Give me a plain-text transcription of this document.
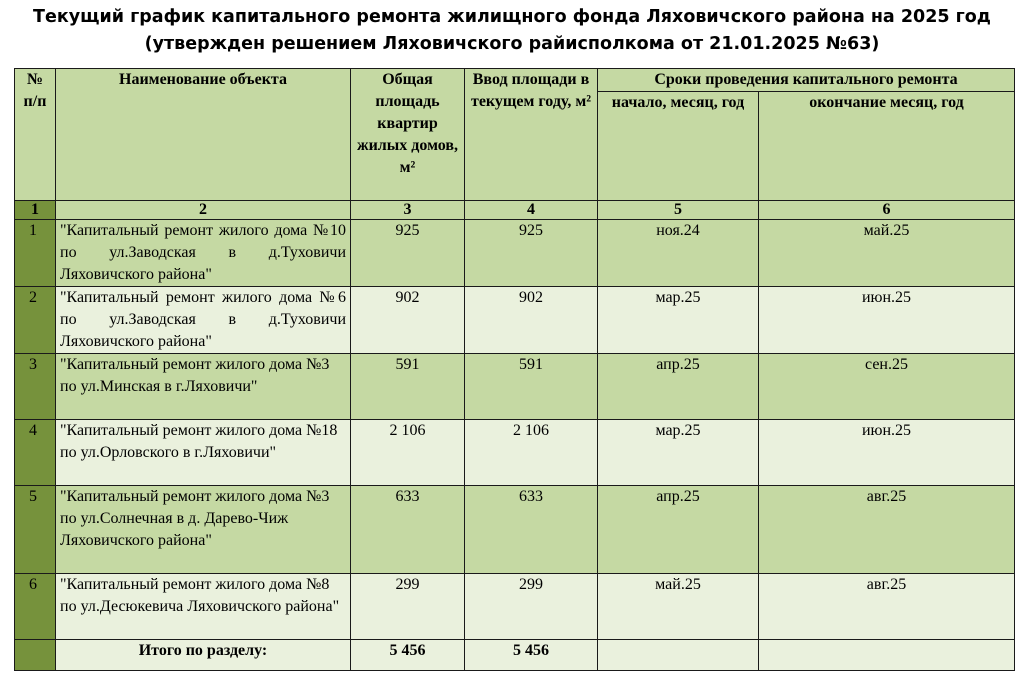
Текущий график капитального ремонта жилищного фонда Ляховичского района на 2025 год
(утвержден решением Ляховичского райисполкома от 21.01.2025 №63)
№ п/п	Наименование объекта	Общая площадь квартир жилых домов, м²	Ввод площади в текущем году, м²	Сроки проведения капитального ремонта	
				начало, месяц, год	окончание месяц, год
1	2	3	4	5	6
1	"Капитальный ремонт жилого дома №10 по ул.Заводская в д.Туховичи Ляховичского района"	925	925	ноя.24	май.25
2	"Капитальный ремонт жилого дома №6 по ул.Заводская в д.Туховичи Ляховичского района"	902	902	мар.25	июн.25
3	"Капитальный ремонт жилого дома №3 по ул.Минская в г.Ляховичи"	591	591	апр.25	сен.25
4	"Капитальный ремонт жилого дома №18 по ул.Орловского в г.Ляховичи"	2 106	2 106	мар.25	июн.25
5	"Капитальный ремонт жилого дома №3 по ул.Солнечная в д. Дарево-Чиж Ляховичского района"	633	633	апр.25	авг.25
6	"Капитальный ремонт жилого дома №8 по ул.Десюкевича Ляховичского района"	299	299	май.25	авг.25
	Итого по разделу:	5 456	5 456		
